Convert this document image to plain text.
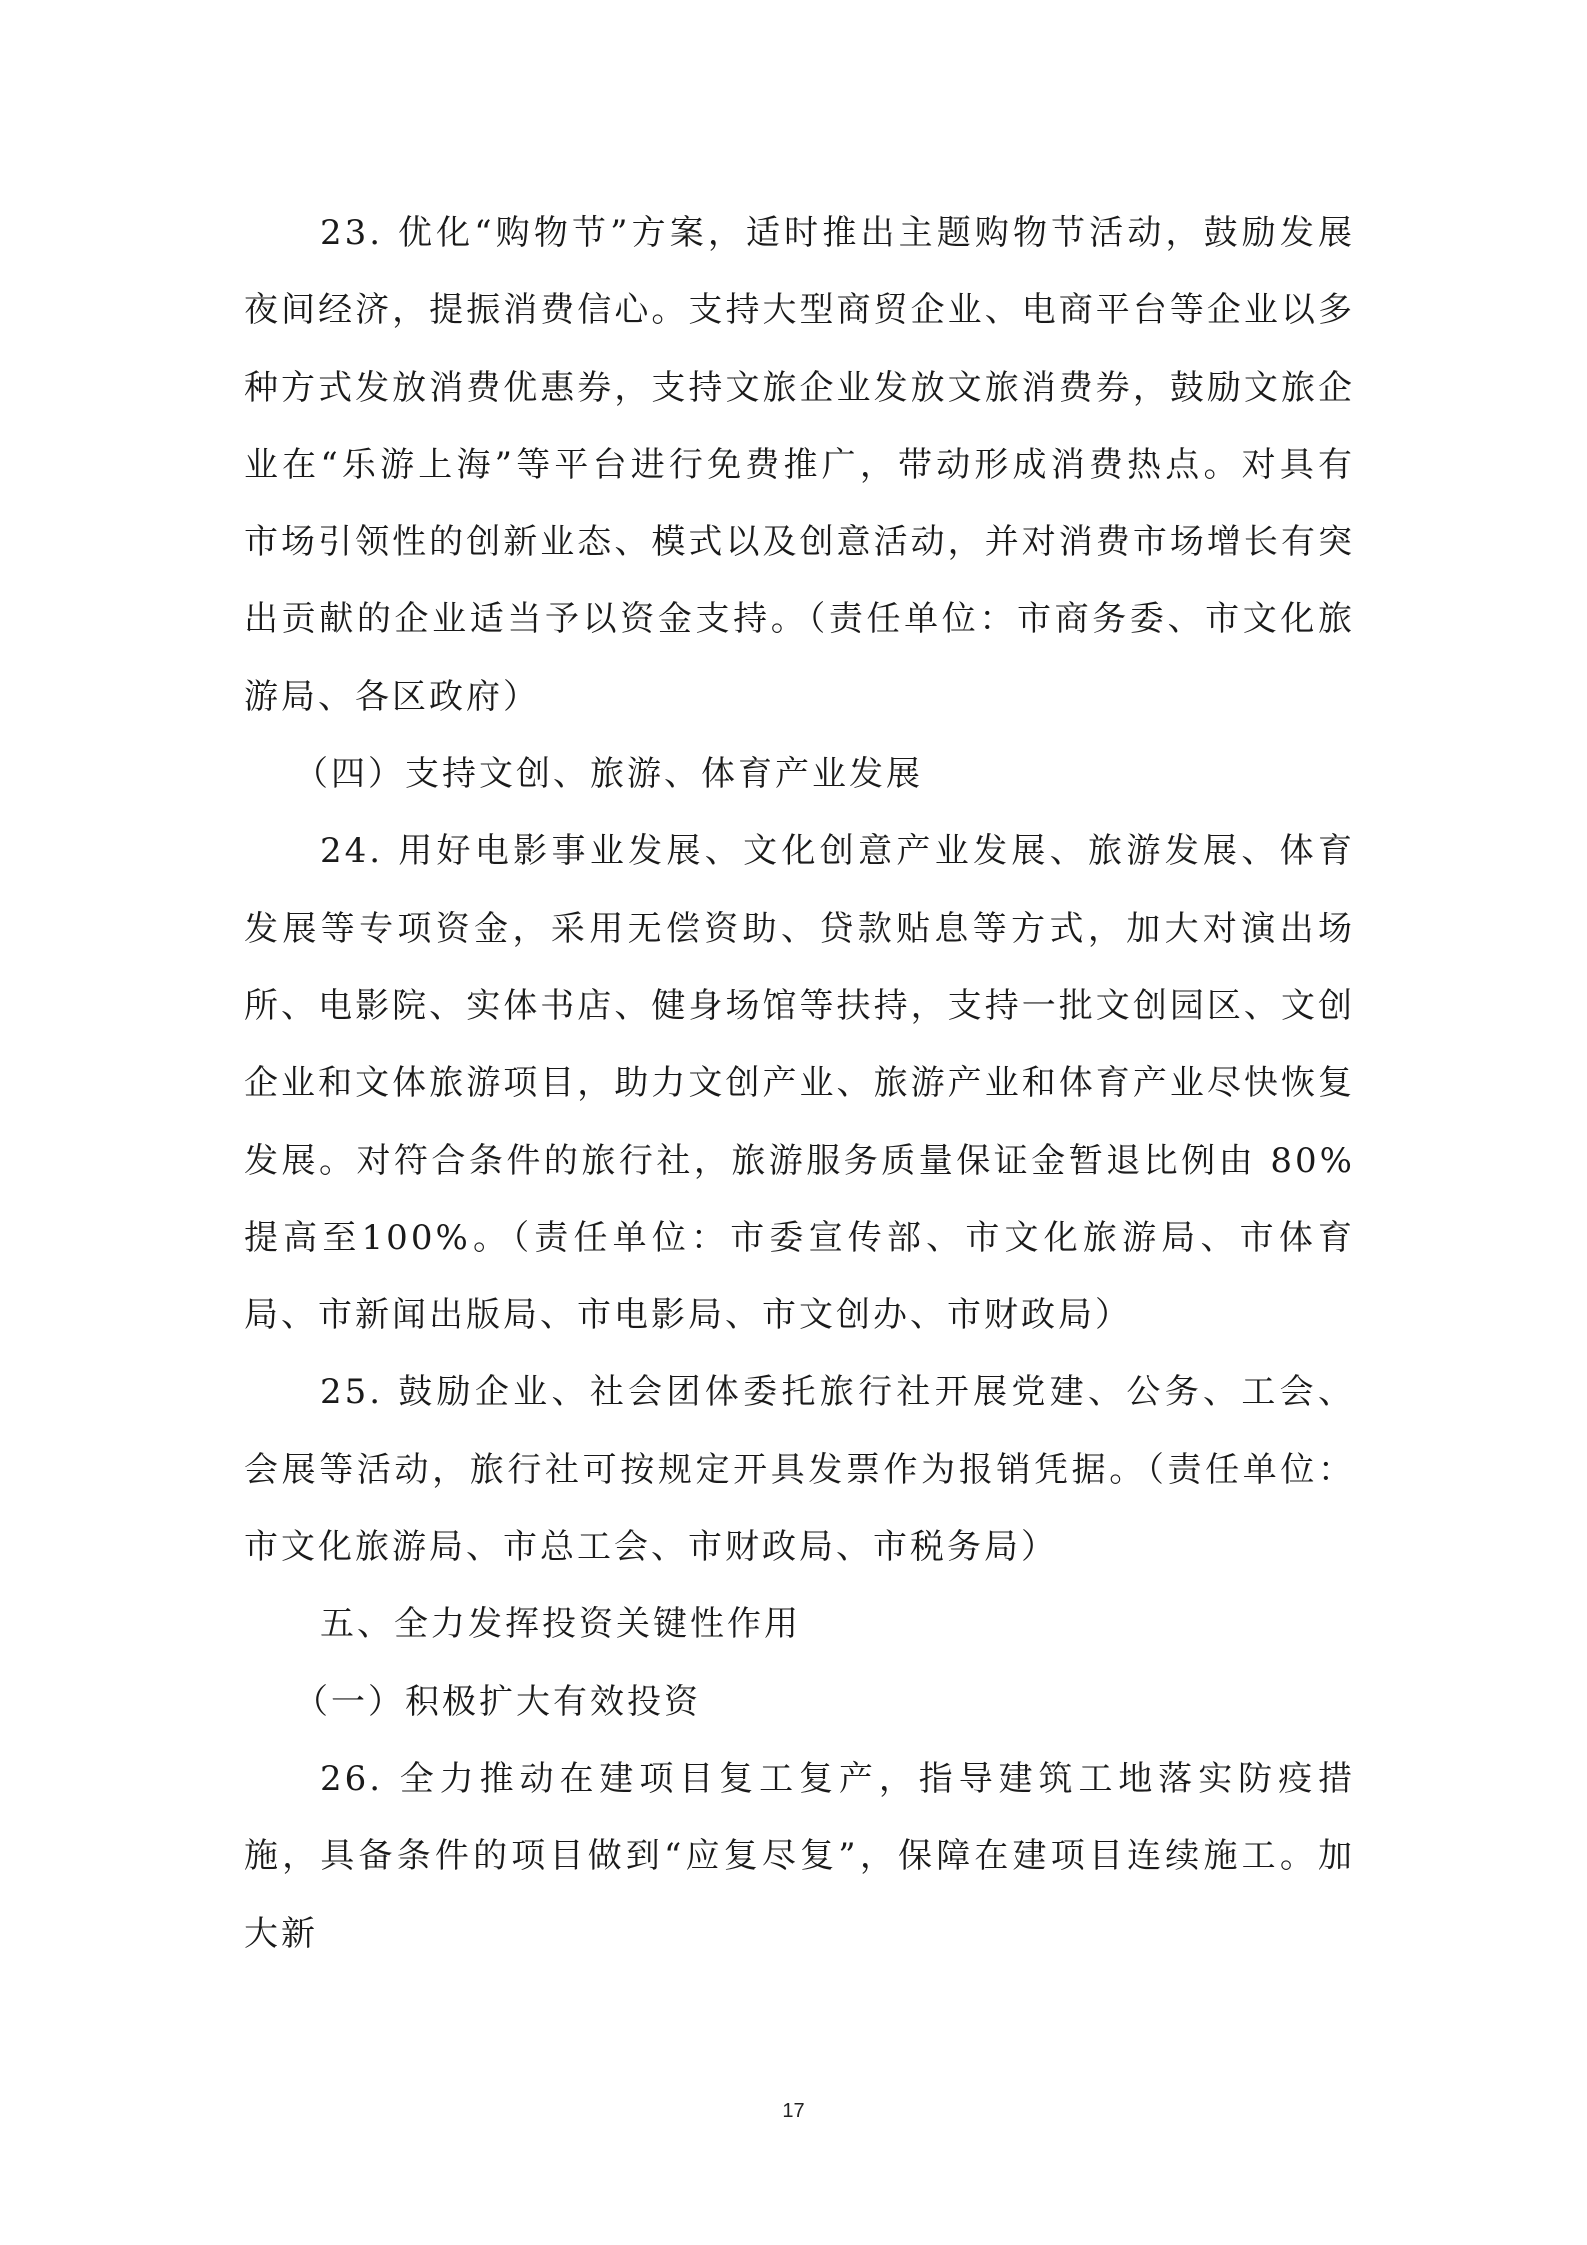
23. 优化“购物节”方案，适时推出主题购物节活动，鼓励发展夜间经济，提振消费信心。支持大型商贸企业、电商平台等企业以多种方式发放消费优惠券，支持文旅企业发放文旅消费券，鼓励文旅企业在“乐游上海”等平台进行免费推广，带动形成消费热点。对具有市场引领性的创新业态、模式以及创意活动，并对消费市场增长有突出贡献的企业适当予以资金支持。（责任单位：市商务委、市文化旅游局、各区政府）

（四）支持文创、旅游、体育产业发展

24. 用好电影事业发展、文化创意产业发展、旅游发展、体育发展等专项资金，采用无偿资助、贷款贴息等方式，加大对演出场所、电影院、实体书店、健身场馆等扶持，支持一批文创园区、文创企业和文体旅游项目，助力文创产业、旅游产业和体育产业尽快恢复发展。对符合条件的旅行社，旅游服务质量保证金暂退比例由 80%提高至100%。（责任单位：市委宣传部、市文化旅游局、市体育局、市新闻出版局、市电影局、市文创办、市财政局）

25. 鼓励企业、社会团体委托旅行社开展党建、公务、工会、会展等活动，旅行社可按规定开具发票作为报销凭据。（责任单位：市文化旅游局、市总工会、市财政局、市税务局）

五、全力发挥投资关键性作用

（一）积极扩大有效投资

26. 全力推动在建项目复工复产，指导建筑工地落实防疫措施，具备条件的项目做到“应复尽复”，保障在建项目连续施工。加大新

17
